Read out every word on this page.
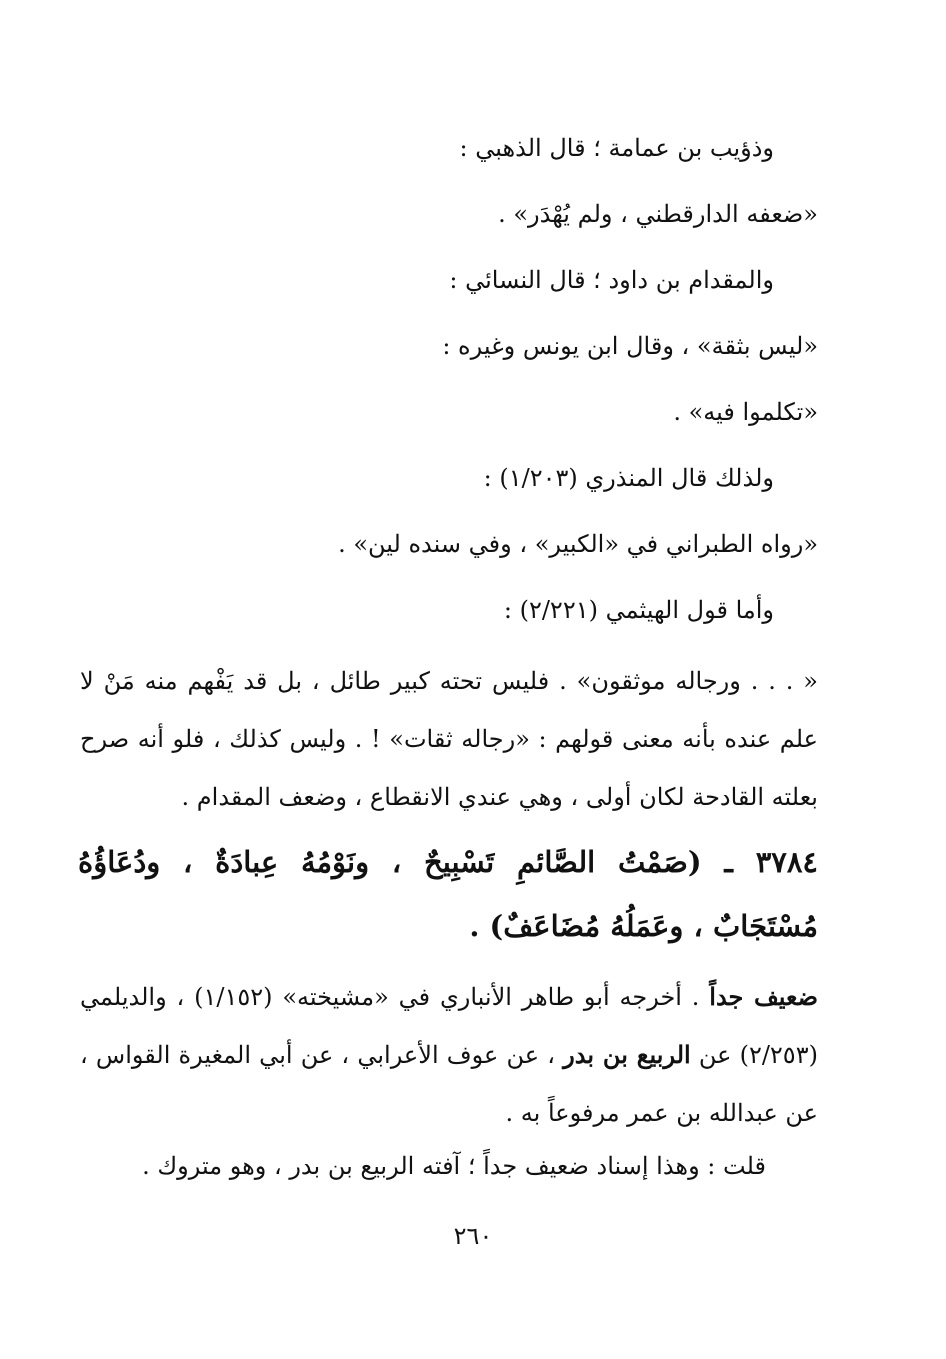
وذؤيب بن عمامة ؛ قال الذهبي :
«ضعفه الدارقطني ، ولم يُهْدَر» .
والمقدام بن داود ؛ قال النسائي :
«ليس بثقة» ، وقال ابن يونس وغيره :
«تكلموا فيه» .
ولذلك قال المنذري (١/٢٠٣) :
«رواه الطبراني في «الكبير» ، وفي سنده لين» .
وأما قول الهيثمي (٢/٢٢١) :
« . . . ورجاله موثقون» . فليس تحته كبير طائل ، بل قد يَفْهم منه مَنْ لا علم عنده بأنه معنى قولهم : «رجاله ثقات» ! . وليس كذلك ، فلو أنه صرح بعلته القادحة لكان أولى ، وهي عندي الانقطاع ، وضعف المقدام .
٣٧٨٤ ـ (صَمْتُ الصَّائمِ تَسْبِيحٌ ، ونَوْمُهُ عِبادَةٌ ، ودُعَاؤُهُ مُسْتَجَابٌ ، وعَمَلُهُ مُضَاعَفٌ) .
ضعيف جداً . أخرجه أبو طاهر الأنباري في «مشيخته» (١/١٥٢) ، والديلمي (٢/٢٥٣) عن الربيع بن بدر ، عن عوف الأعرابي ، عن أبي المغيرة القواس ، عن عبدالله بن عمر مرفوعاً به .
قلت : وهذا إسناد ضعيف جداً ؛ آفته الربيع بن بدر ، وهو متروك .
٢٦٠
